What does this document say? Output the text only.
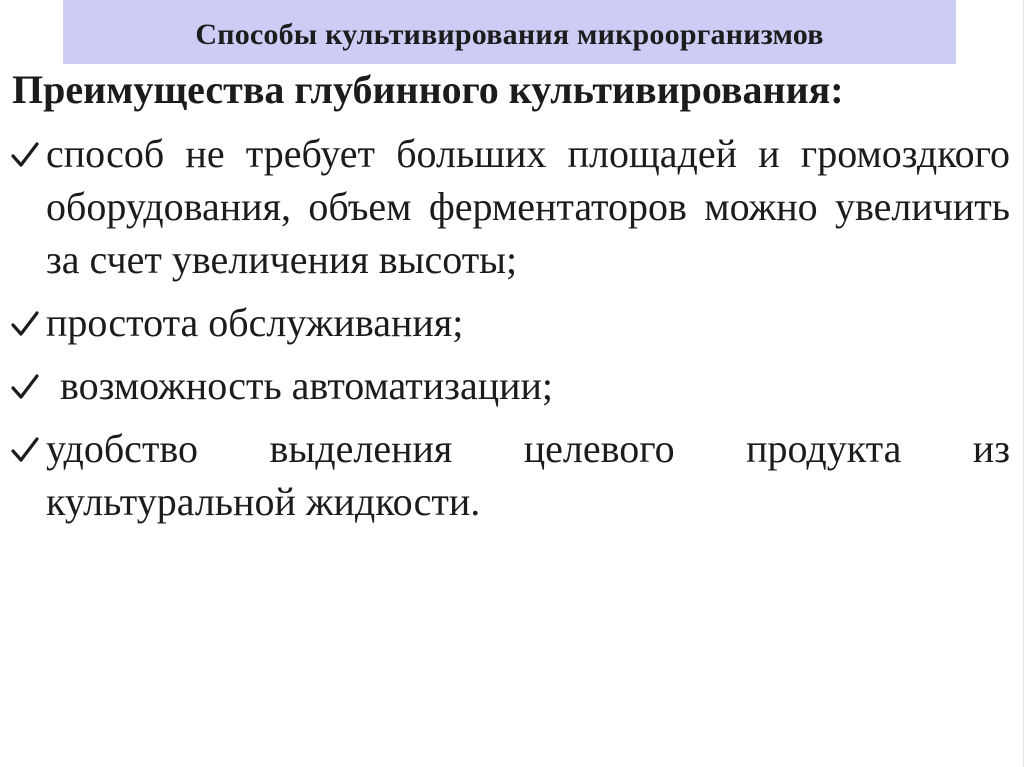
Способы культивирования микроорганизмов
Преимущества глубинного культивирования:
способ не требует больших площадей и громоздкого оборудования, объем ферментаторов можно увеличить за счет увеличения высоты;
простота обслуживания;
возможность автоматизации;
удобство выделения целевого продукта из культуральной жидкости.
